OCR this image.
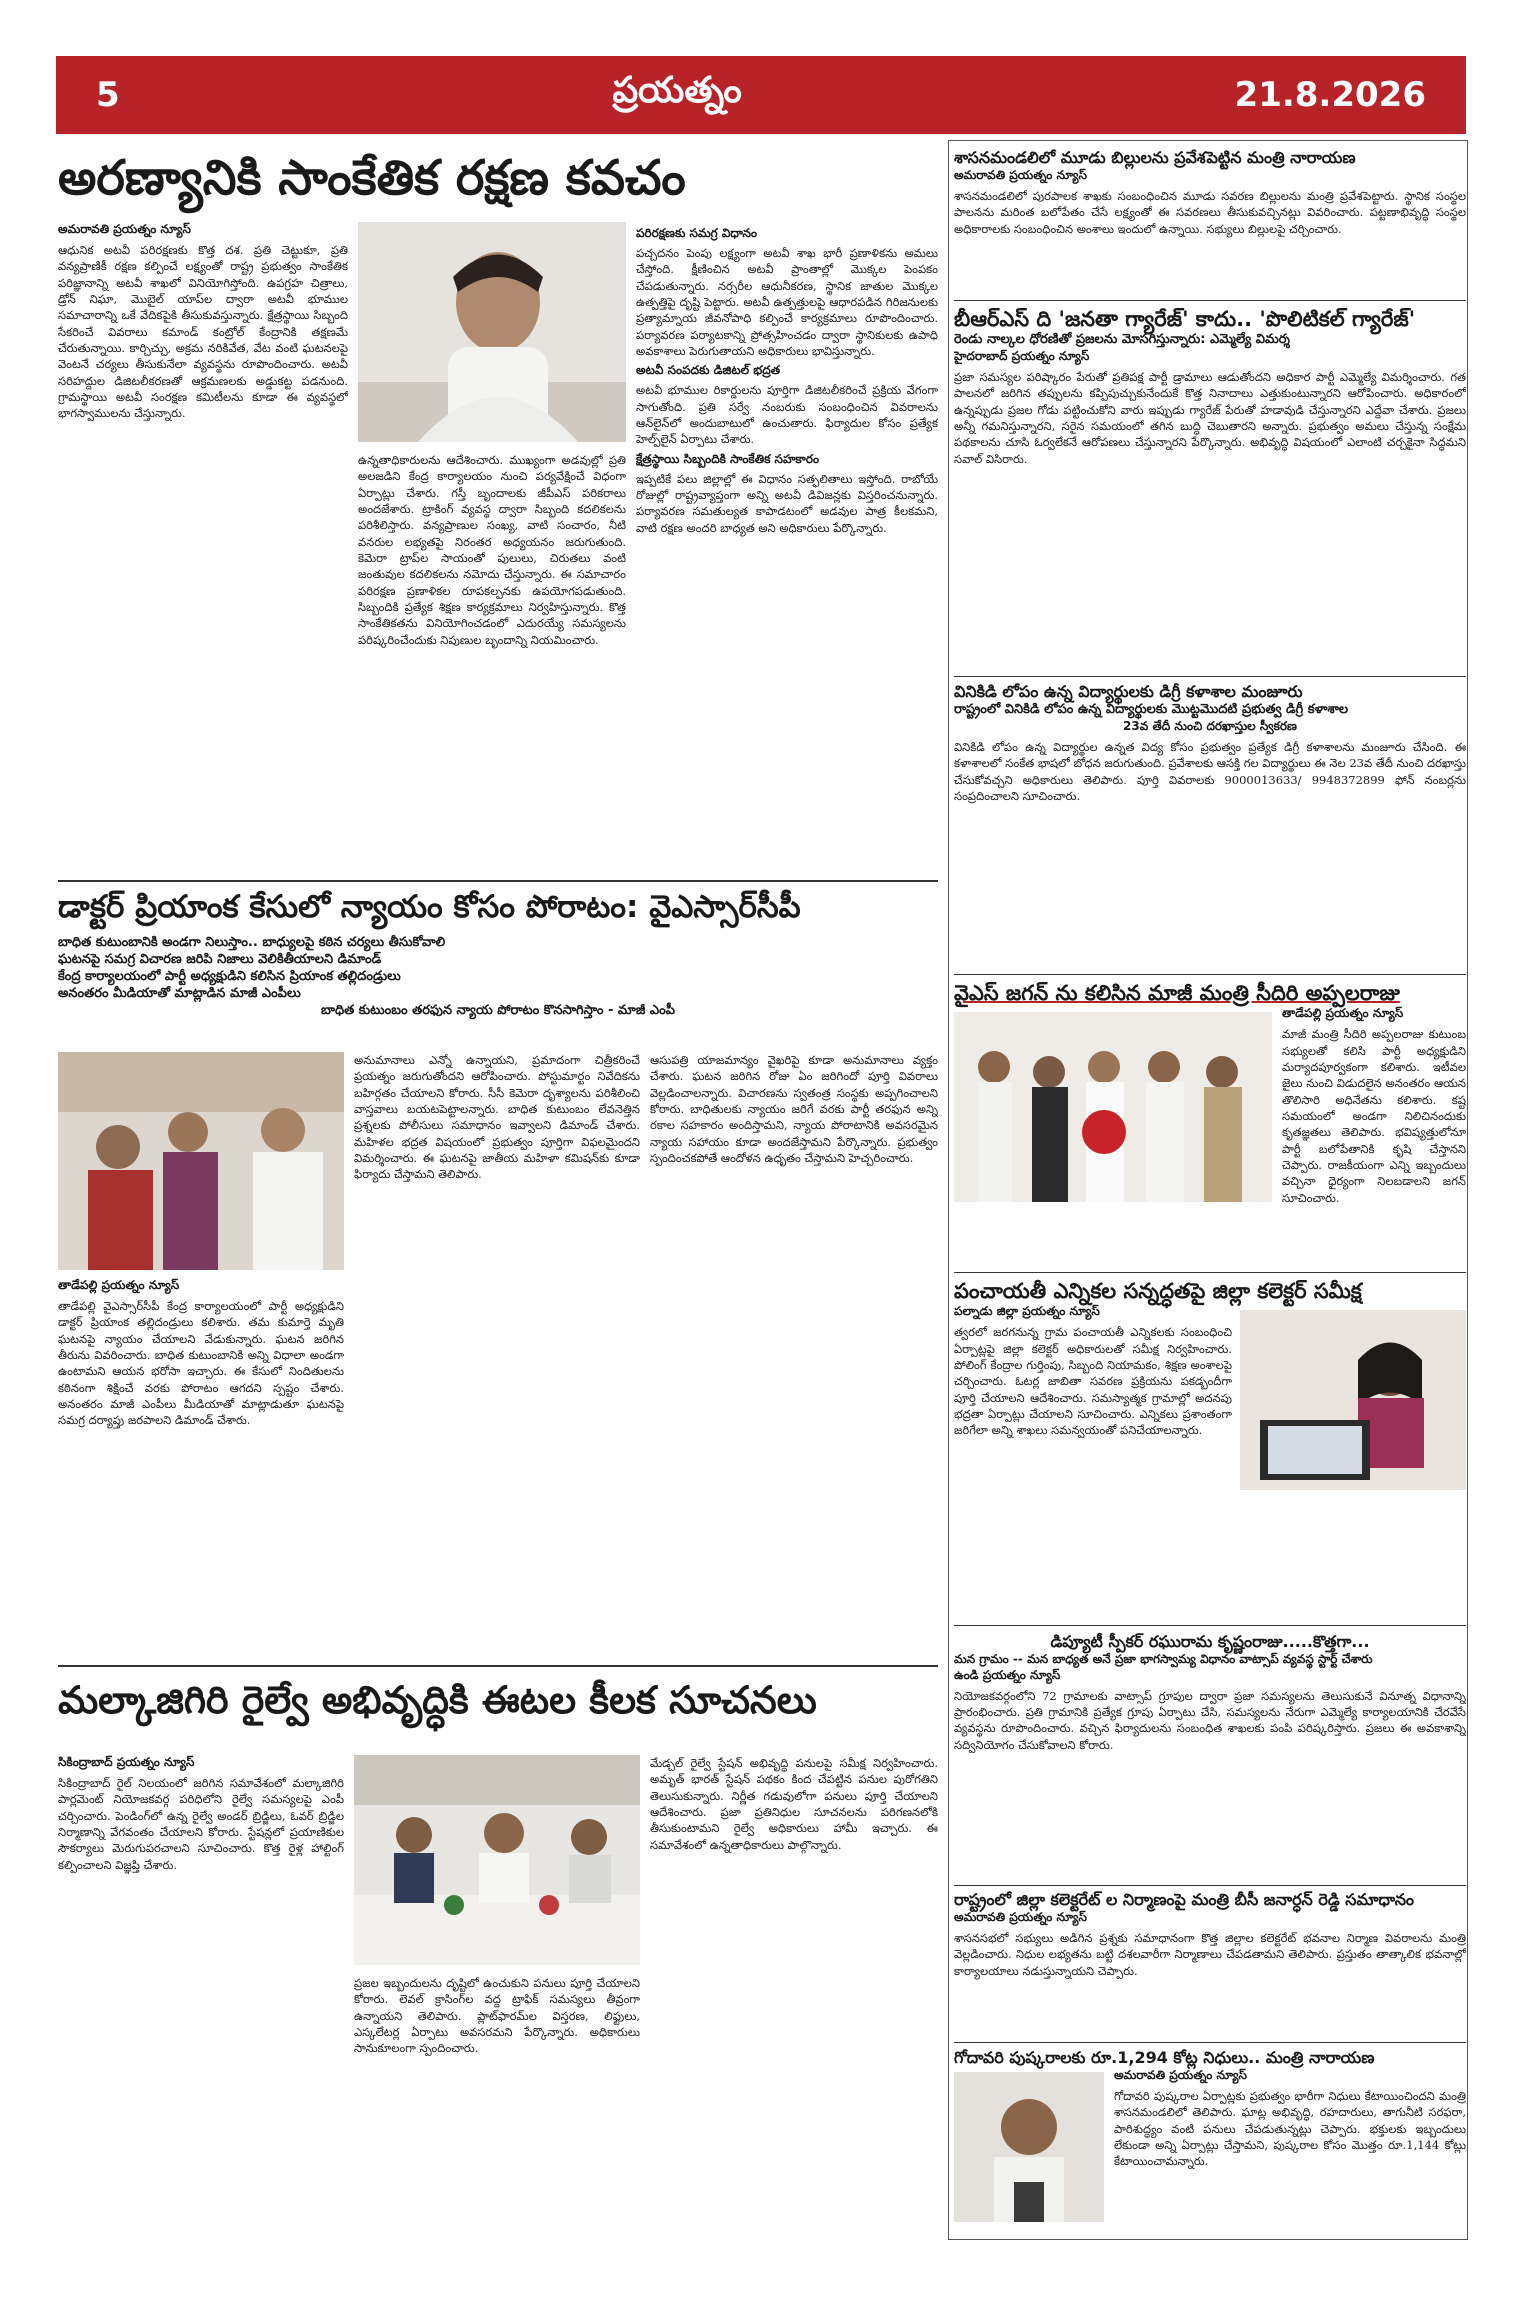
5	ప్రయత్నం	21.8.2026
అరణ్యానికి సాంకేతిక రక్షణ కవచం
అమరావతి ప్రయత్నం న్యూస్
ఆధునిక అటవీ పరిరక్షణకు కొత్త దశ. ప్రతి చెట్టుకూ, ప్రతి వన్యప్రాణికీ రక్షణ కల్పించే లక్ష్యంతో రాష్ట్ర ప్రభుత్వం సాంకేతిక పరిజ్ఞానాన్ని అటవీ శాఖలో వినియోగిస్తోంది. ఉపగ్రహ చిత్రాలు, డ్రోన్ నిఘా, మొబైల్ యాప్‌ల ద్వారా అటవీ భూముల సమాచారాన్ని ఒకే వేదికపైకి తీసుకువస్తున్నారు. క్షేత్రస్థాయి సిబ్బంది సేకరించే వివరాలు కమాండ్ కంట్రోల్ కేంద్రానికి తక్షణమే చేరుతున్నాయి. కార్చిచ్చు, అక్రమ నరికివేత, వేట వంటి ఘటనలపై వెంటనే చర్యలు తీసుకునేలా వ్యవస్థను రూపొందించారు. అటవీ సరిహద్దుల డిజిటలీకరణతో ఆక్రమణలకు అడ్డుకట్ట పడనుంది. గ్రామస్థాయి అటవీ సంరక్షణ కమిటీలను కూడా ఈ వ్యవస్థలో భాగస్వాములను చేస్తున్నారు.
ఉన్నతాధికారులను ఆదేశించారు. ముఖ్యంగా అడవుల్లో ప్రతి అలజడిని కేంద్ర కార్యాలయం నుంచి పర్యవేక్షించే విధంగా ఏర్పాట్లు చేశారు. గస్తీ బృందాలకు జీపీఎస్ పరికరాలు అందజేశారు. ట్రాకింగ్ వ్యవస్థ ద్వారా సిబ్బంది కదలికలను పరిశీలిస్తారు. వన్యప్రాణుల సంఖ్య, వాటి సంచారం, నీటి వనరుల లభ్యతపై నిరంతర అధ్యయనం జరుగుతుంది. కెమెరా ట్రాప్‌ల సాయంతో పులులు, చిరుతలు వంటి జంతువుల కదలికలను నమోదు చేస్తున్నారు. ఈ సమాచారం పరిరక్షణ ప్రణాళికల రూపకల్పనకు ఉపయోగపడుతుంది. సిబ్బందికి ప్రత్యేక శిక్షణ కార్యక్రమాలు నిర్వహిస్తున్నారు. కొత్త సాంకేతికతను వినియోగించడంలో ఎదురయ్యే సమస్యలను పరిష్కరించేందుకు నిపుణుల బృందాన్ని నియమించారు.
పరిరక్షణకు సమగ్ర విధానం
పచ్చదనం పెంపు లక్ష్యంగా అటవీ శాఖ భారీ ప్రణాళికను అమలు చేస్తోంది. క్షీణించిన అటవీ ప్రాంతాల్లో మొక్కల పెంపకం చేపడుతున్నారు. నర్సరీల ఆధునీకరణ, స్థానిక జాతుల మొక్కల ఉత్పత్తిపై దృష్టి పెట్టారు. అటవీ ఉత్పత్తులపై ఆధారపడిన గిరిజనులకు ప్రత్యామ్నాయ జీవనోపాధి కల్పించే కార్యక్రమాలు రూపొందించారు. పర్యావరణ పర్యాటకాన్ని ప్రోత్సహించడం ద్వారా స్థానికులకు ఉపాధి అవకాశాలు పెరుగుతాయని అధికారులు భావిస్తున్నారు.
అటవీ సంపదకు డిజిటల్ భద్రత
అటవీ భూముల రికార్డులను పూర్తిగా డిజిటలీకరించే ప్రక్రియ వేగంగా సాగుతోంది. ప్రతి సర్వే నంబరుకు సంబంధించిన వివరాలను ఆన్‌లైన్‌లో అందుబాటులో ఉంచుతారు. ఫిర్యాదుల కోసం ప్రత్యేక హెల్ప్‌లైన్ ఏర్పాటు చేశారు.
క్షేత్రస్థాయి సిబ్బందికి సాంకేతిక సహకారం
ఇప్పటికే పలు జిల్లాల్లో ఈ విధానం సత్ఫలితాలు ఇస్తోంది. రాబోయే రోజుల్లో రాష్ట్రవ్యాప్తంగా అన్ని అటవీ డివిజన్లకు విస్తరించనున్నారు. పర్యావరణ సమతుల్యత కాపాడటంలో అడవుల పాత్ర కీలకమని, వాటి రక్షణ అందరి బాధ్యత అని అధికారులు పేర్కొన్నారు.
డాక్టర్ ప్రియాంక కేసులో న్యాయం కోసం పోరాటం: వైఎస్సార్‌సీపీ
బాధిత కుటుంబానికి అండగా నిలుస్తాం.. బాధ్యులపై కఠిన చర్యలు తీసుకోవాలి
ఘటనపై సమగ్ర విచారణ జరిపి నిజాలు వెలికితీయాలని డిమాండ్
కేంద్ర కార్యాలయంలో పార్టీ అధ్యక్షుడిని కలిసిన ప్రియాంక తల్లిదండ్రులు
అనంతరం మీడియాతో మాట్లాడిన మాజీ ఎంపీలు
బాధిత కుటుంబం తరఫున న్యాయ పోరాటం కొనసాగిస్తాం - మాజీ ఎంపీ
తాడేపల్లి ప్రయత్నం న్యూస్
తాడేపల్లి వైఎస్సార్‌సీపీ కేంద్ర కార్యాలయంలో పార్టీ అధ్యక్షుడిని డాక్టర్ ప్రియాంక తల్లిదండ్రులు కలిశారు. తమ కుమార్తె మృతి ఘటనపై న్యాయం చేయాలని వేడుకున్నారు. ఘటన జరిగిన తీరును వివరించారు. బాధిత కుటుంబానికి అన్ని విధాలా అండగా ఉంటామని ఆయన భరోసా ఇచ్చారు. ఈ కేసులో నిందితులను కఠినంగా శిక్షించే వరకు పోరాటం ఆగదని స్పష్టం చేశారు. అనంతరం మాజీ ఎంపీలు మీడియాతో మాట్లాడుతూ ఘటనపై సమగ్ర దర్యాప్తు జరపాలని డిమాండ్ చేశారు.
అనుమానాలు ఎన్నో ఉన్నాయని, ప్రమాదంగా చిత్రీకరించే ప్రయత్నం జరుగుతోందని ఆరోపించారు. పోస్టుమార్టం నివేదికను బహిర్గతం చేయాలని కోరారు. సీసీ కెమెరా దృశ్యాలను పరిశీలించి వాస్తవాలు బయటపెట్టాలన్నారు. బాధిత కుటుంబం లేవనెత్తిన ప్రశ్నలకు పోలీసులు సమాధానం ఇవ్వాలని డిమాండ్ చేశారు. మహిళల భద్రత విషయంలో ప్రభుత్వం పూర్తిగా విఫలమైందని విమర్శించారు. ఈ ఘటనపై జాతీయ మహిళా కమిషన్‌కు కూడా ఫిర్యాదు చేస్తామని తెలిపారు.
ఆసుపత్రి యాజమాన్యం వైఖరిపై కూడా అనుమానాలు వ్యక్తం చేశారు. ఘటన జరిగిన రోజు ఏం జరిగిందో పూర్తి వివరాలు వెల్లడించాలన్నారు. విచారణను స్వతంత్ర సంస్థకు అప్పగించాలని కోరారు. బాధితులకు న్యాయం జరిగే వరకు పార్టీ తరఫున అన్ని రకాల సహకారం అందిస్తామని, న్యాయ పోరాటానికి అవసరమైన న్యాయ సహాయం కూడా అందజేస్తామని పేర్కొన్నారు. ప్రభుత్వం స్పందించకపోతే ఆందోళన ఉధృతం చేస్తామని హెచ్చరించారు.
మల్కాజిగిరి రైల్వే అభివృద్ధికి ఈటల కీలక సూచనలు
సికింద్రాబాద్ ప్రయత్నం న్యూస్
సికింద్రాబాద్ రైల్ నిలయంలో జరిగిన సమావేశంలో మల్కాజిగిరి పార్లమెంట్ నియోజకవర్గ పరిధిలోని రైల్వే సమస్యలపై ఎంపీ చర్చించారు. పెండింగ్‌లో ఉన్న రైల్వే అండర్ బ్రిడ్జిలు, ఓవర్ బ్రిడ్జిల నిర్మాణాన్ని వేగవంతం చేయాలని కోరారు. స్టేషన్లలో ప్రయాణికుల సౌకర్యాలు మెరుగుపరచాలని సూచించారు. కొత్త రైళ్ల హాల్టింగ్ కల్పించాలని విజ్ఞప్తి చేశారు.
ప్రజల ఇబ్బందులను దృష్టిలో ఉంచుకుని పనులు పూర్తి చేయాలని కోరారు. లెవల్ క్రాసింగ్‌ల వద్ద ట్రాఫిక్ సమస్యలు తీవ్రంగా ఉన్నాయని తెలిపారు. ప్లాట్‌ఫారమ్‌ల విస్తరణ, లిఫ్టులు, ఎస్కలేటర్ల ఏర్పాటు అవసరమని పేర్కొన్నారు. అధికారులు సానుకూలంగా స్పందించారు.
మేడ్చల్ రైల్వే స్టేషన్ అభివృద్ధి పనులపై సమీక్ష నిర్వహించారు. అమృత్ భారత్ స్టేషన్ పథకం కింద చేపట్టిన పనుల పురోగతిని తెలుసుకున్నారు. నిర్ణీత గడువులోగా పనులు పూర్తి చేయాలని ఆదేశించారు. ప్రజా ప్రతినిధుల సూచనలను పరిగణనలోకి తీసుకుంటామని రైల్వే అధికారులు హామీ ఇచ్చారు. ఈ సమావేశంలో ఉన్నతాధికారులు పాల్గొన్నారు.
శాసనమండలిలో మూడు బిల్లులను ప్రవేశపెట్టిన మంత్రి నారాయణ
అమరావతి ప్రయత్నం న్యూస్
శాసనమండలిలో పురపాలక శాఖకు సంబంధించిన మూడు సవరణ బిల్లులను మంత్రి ప్రవేశపెట్టారు. స్థానిక సంస్థల పాలనను మరింత బలోపేతం చేసే లక్ష్యంతో ఈ సవరణలు తీసుకువచ్చినట్లు వివరించారు. పట్టణాభివృద్ధి సంస్థల అధికారాలకు సంబంధించిన అంశాలు ఇందులో ఉన్నాయి. సభ్యులు బిల్లులపై చర్చించారు.
బీఆర్ఎస్ ది 'జనతా గ్యారేజ్' కాదు.. 'పొలిటికల్ గ్యారేజ్'
రెండు నాల్కల ధోరణితో ప్రజలను మోసగిస్తున్నారు: ఎమ్మెల్యే విమర్శ
హైదరాబాద్ ప్రయత్నం న్యూస్
ప్రజా సమస్యల పరిష్కారం పేరుతో ప్రతిపక్ష పార్టీ డ్రామాలు ఆడుతోందని అధికార పార్టీ ఎమ్మెల్యే విమర్శించారు. గత పాలనలో జరిగిన తప్పులను కప్పిపుచ్చుకునేందుకే కొత్త నినాదాలు ఎత్తుకుంటున్నారని ఆరోపించారు. అధికారంలో ఉన్నప్పుడు ప్రజల గోడు పట్టించుకోని వారు ఇప్పుడు గ్యారేజ్ పేరుతో హడావుడి చేస్తున్నారని ఎద్దేవా చేశారు. ప్రజలు అన్నీ గమనిస్తున్నారని, సరైన సమయంలో తగిన బుద్ధి చెబుతారని అన్నారు. ప్రభుత్వం అమలు చేస్తున్న సంక్షేమ పథకాలను చూసి ఓర్వలేకనే ఆరోపణలు చేస్తున్నారని పేర్కొన్నారు. అభివృద్ధి విషయంలో ఎలాంటి చర్చకైనా సిద్ధమని సవాల్ విసిరారు.
వినికిడి లోపం ఉన్న విద్యార్థులకు డిగ్రీ కళాశాల మంజూరు
రాష్ట్రంలో వినికిడి లోపం ఉన్న విద్యార్థులకు మొట్టమొదటి ప్రభుత్వ డిగ్రీ కళాశాల
23వ తేదీ నుంచి దరఖాస్తుల స్వీకరణ
వినికిడి లోపం ఉన్న విద్యార్థుల ఉన్నత విద్య కోసం ప్రభుత్వం ప్రత్యేక డిగ్రీ కళాశాలను మంజూరు చేసింది. ఈ కళాశాలలో సంకేత భాషలో బోధన జరుగుతుంది. ప్రవేశాలకు ఆసక్తి గల విద్యార్థులు ఈ నెల 23వ తేదీ నుంచి దరఖాస్తు చేసుకోవచ్చని అధికారులు తెలిపారు. పూర్తి వివరాలకు 9000013633/ 9948372899 ఫోన్ నంబర్లను సంప్రదించాలని సూచించారు.
వైఎస్ జగన్ ను కలిసిన మాజీ మంత్రి సీదిరి అప్పలరాజు
తాడేపల్లి ప్రయత్నం న్యూస్
మాజీ మంత్రి సీదిరి అప్పలరాజు కుటుంబ సభ్యులతో కలిసి పార్టీ అధ్యక్షుడిని మర్యాదపూర్వకంగా కలిశారు. ఇటీవల జైలు నుంచి విడుదలైన అనంతరం ఆయన తొలిసారి అధినేతను కలిశారు. కష్ట సమయంలో అండగా నిలిచినందుకు కృతజ్ఞతలు తెలిపారు. భవిష్యత్తులోనూ పార్టీ బలోపేతానికి కృషి చేస్తానని చెప్పారు. రాజకీయంగా ఎన్ని ఇబ్బందులు వచ్చినా ధైర్యంగా నిలబడాలని జగన్ సూచించారు.
పంచాయతీ ఎన్నికల సన్నద్ధతపై జిల్లా కలెక్టర్ సమీక్ష
పల్నాడు జిల్లా ప్రయత్నం న్యూస్
త్వరలో జరగనున్న గ్రామ పంచాయతీ ఎన్నికలకు సంబంధించి ఏర్పాట్లపై జిల్లా కలెక్టర్ అధికారులతో సమీక్ష నిర్వహించారు. పోలింగ్ కేంద్రాల గుర్తింపు, సిబ్బంది నియామకం, శిక్షణ అంశాలపై చర్చించారు. ఓటర్ల జాబితా సవరణ ప్రక్రియను పకడ్బందీగా పూర్తి చేయాలని ఆదేశించారు. సమస్యాత్మక గ్రామాల్లో అదనపు భద్రతా ఏర్పాట్లు చేయాలని సూచించారు. ఎన్నికలు ప్రశాంతంగా జరిగేలా అన్ని శాఖలు సమన్వయంతో పనిచేయాలన్నారు.
డిప్యూటీ స్పీకర్ రఘురామ కృష్ణంరాజు.....కొత్తగా...
మన గ్రామం -- మన బాధ్యత అనే ప్రజా భాగస్వామ్య విధానం వాట్సాప్ వ్యవస్థ స్టార్ట్ చేశారు
ఉండి ప్రయత్నం న్యూస్
నియోజకవర్గంలోని 72 గ్రామాలకు వాట్సాప్ గ్రూపుల ద్వారా ప్రజా సమస్యలను తెలుసుకునే వినూత్న విధానాన్ని ప్రారంభించారు. ప్రతి గ్రామానికి ప్రత్యేక గ్రూపు ఏర్పాటు చేసి, సమస్యలను నేరుగా ఎమ్మెల్యే కార్యాలయానికి చేరవేసే వ్యవస్థను రూపొందించారు. వచ్చిన ఫిర్యాదులను సంబంధిత శాఖలకు పంపి పరిష్కరిస్తారు. ప్రజలు ఈ అవకాశాన్ని సద్వినియోగం చేసుకోవాలని కోరారు.
రాష్ట్రంలో జిల్లా కలెక్టరేట్ ల నిర్మాణంపై మంత్రి బీసీ జనార్ధన్ రెడ్డి సమాధానం
అమరావతి ప్రయత్నం న్యూస్
శాసనసభలో సభ్యులు అడిగిన ప్రశ్నకు సమాధానంగా కొత్త జిల్లాల కలెక్టరేట్ భవనాల నిర్మాణ వివరాలను మంత్రి వెల్లడించారు. నిధుల లభ్యతను బట్టి దశలవారీగా నిర్మాణాలు చేపడతామని తెలిపారు. ప్రస్తుతం తాత్కాలిక భవనాల్లో కార్యాలయాలు నడుస్తున్నాయని చెప్పారు.
గోదావరి పుష్కరాలకు రూ.1,294 కోట్ల నిధులు.. మంత్రి నారాయణ
అమరావతి ప్రయత్నం న్యూస్
గోదావరి పుష్కరాల ఏర్పాట్లకు ప్రభుత్వం భారీగా నిధులు కేటాయించిందని మంత్రి శాసనమండలిలో తెలిపారు. ఘాట్ల అభివృద్ధి, రహదారులు, తాగునీటి సరఫరా, పారిశుద్ధ్యం వంటి పనులు చేపడుతున్నట్లు చెప్పారు. భక్తులకు ఇబ్బందులు లేకుండా అన్ని ఏర్పాట్లు చేస్తామని, పుష్కరాల కోసం మొత్తం రూ.1,144 కోట్లు కేటాయించామన్నారు.
